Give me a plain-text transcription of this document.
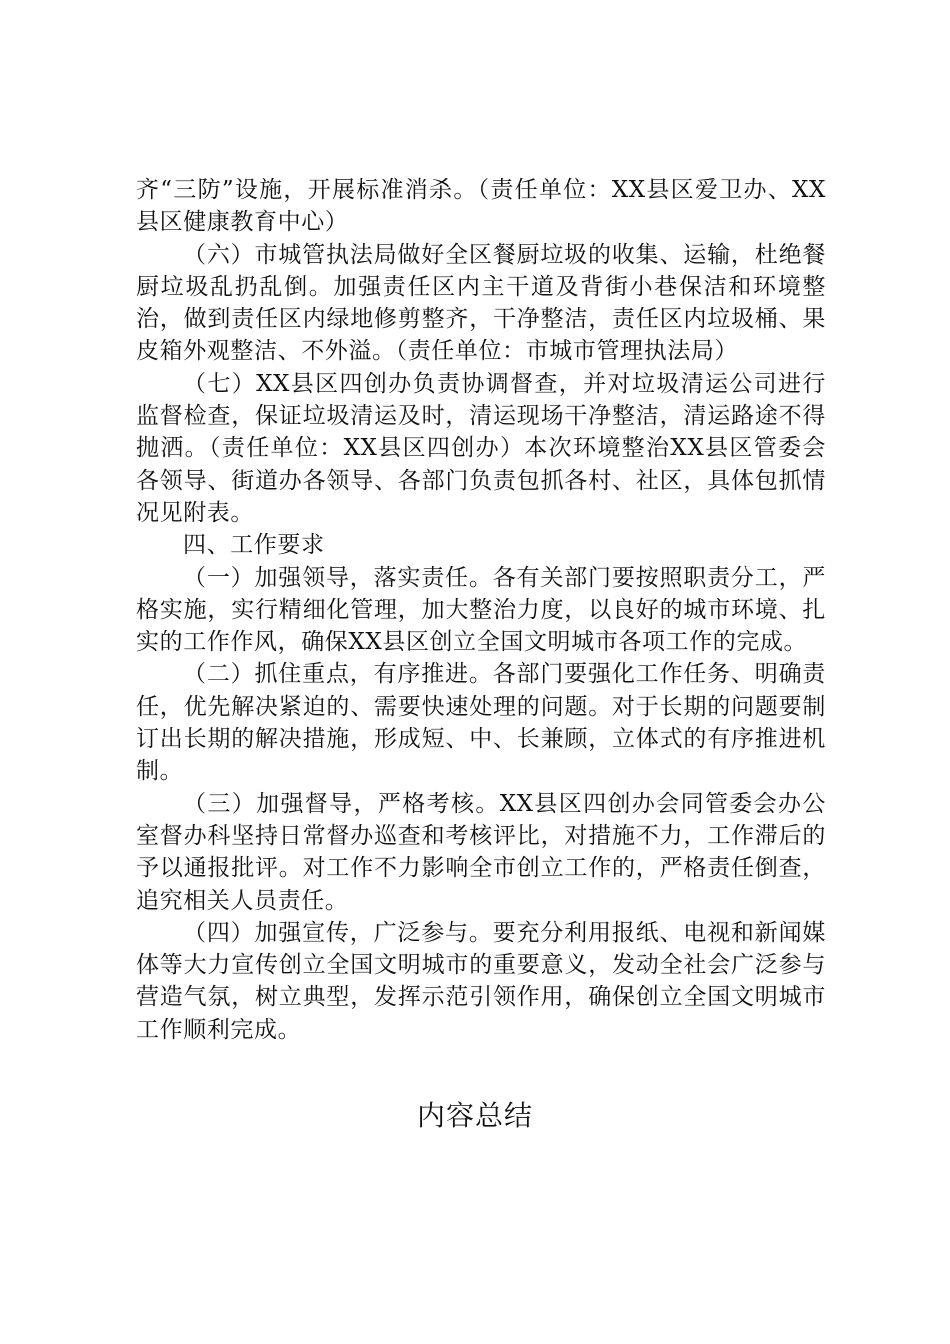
齐“三防”设施，开展标准消杀。（责任单位：XX县区爱卫办、XX县区健康教育中心）

（六）市城管执法局做好全区餐厨垃圾的收集、运输，杜绝餐厨垃圾乱扔乱倒。加强责任区内主干道及背街小巷保洁和环境整治，做到责任区内绿地修剪整齐，干净整洁，责任区内垃圾桶、果皮箱外观整洁、不外溢。（责任单位：市城市管理执法局）

（七）XX县区四创办负责协调督查，并对垃圾清运公司进行监督检查，保证垃圾清运及时，清运现场干净整洁，清运路途不得抛洒。（责任单位：XX县区四创办）本次环境整治XX县区管委会各领导、街道办各领导、各部门负责包抓各村、社区，具体包抓情况见附表。

四、工作要求

（一）加强领导，落实责任。各有关部门要按照职责分工，严格实施，实行精细化管理，加大整治力度，以良好的城市环境、扎实的工作作风，确保XX县区创立全国文明城市各项工作的完成。

（二）抓住重点，有序推进。各部门要强化工作任务、明确责任，优先解决紧迫的、需要快速处理的问题。对于长期的问题要制订出长期的解决措施，形成短、中、长兼顾，立体式的有序推进机制。

（三）加强督导，严格考核。XX县区四创办会同管委会办公室督办科坚持日常督办巡查和考核评比，对措施不力，工作滞后的予以通报批评。对工作不力影响全市创立工作的，严格责任倒查，追究相关人员责任。

（四）加强宣传，广泛参与。要充分利用报纸、电视和新闻媒体等大力宣传创立全国文明城市的重要意义，发动全社会广泛参与营造气氛，树立典型，发挥示范引领作用，确保创立全国文明城市工作顺利完成。

内容总结
